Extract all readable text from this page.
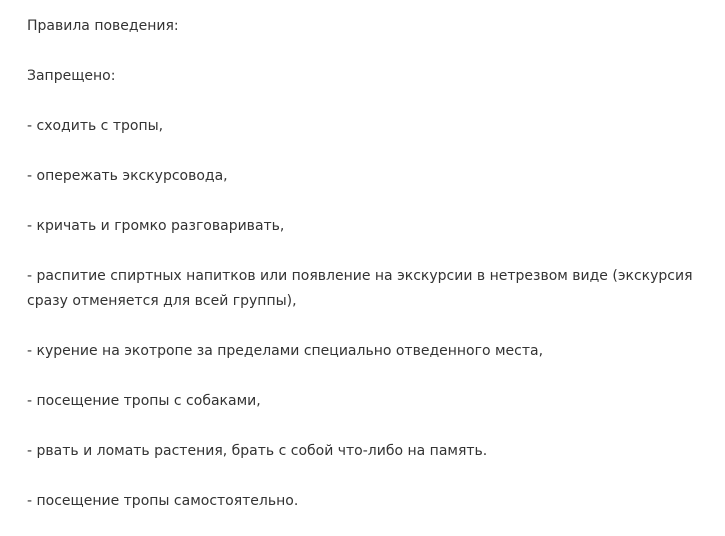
Правила поведения:

Запрещено:

- сходить с тропы,

- опережать экскурсовода,

- кричать и громко разговаривать,

- распитие спиртных напитков или появление на экскурсии в нетрезвом виде (экскурсия сразу отменяется для всей группы),

- курение на экотропе за пределами специально отведенного места,

- посещение тропы с собаками,

- рвать и ломать растения, брать с собой что-либо на память.

- посещение тропы самостоятельно.
